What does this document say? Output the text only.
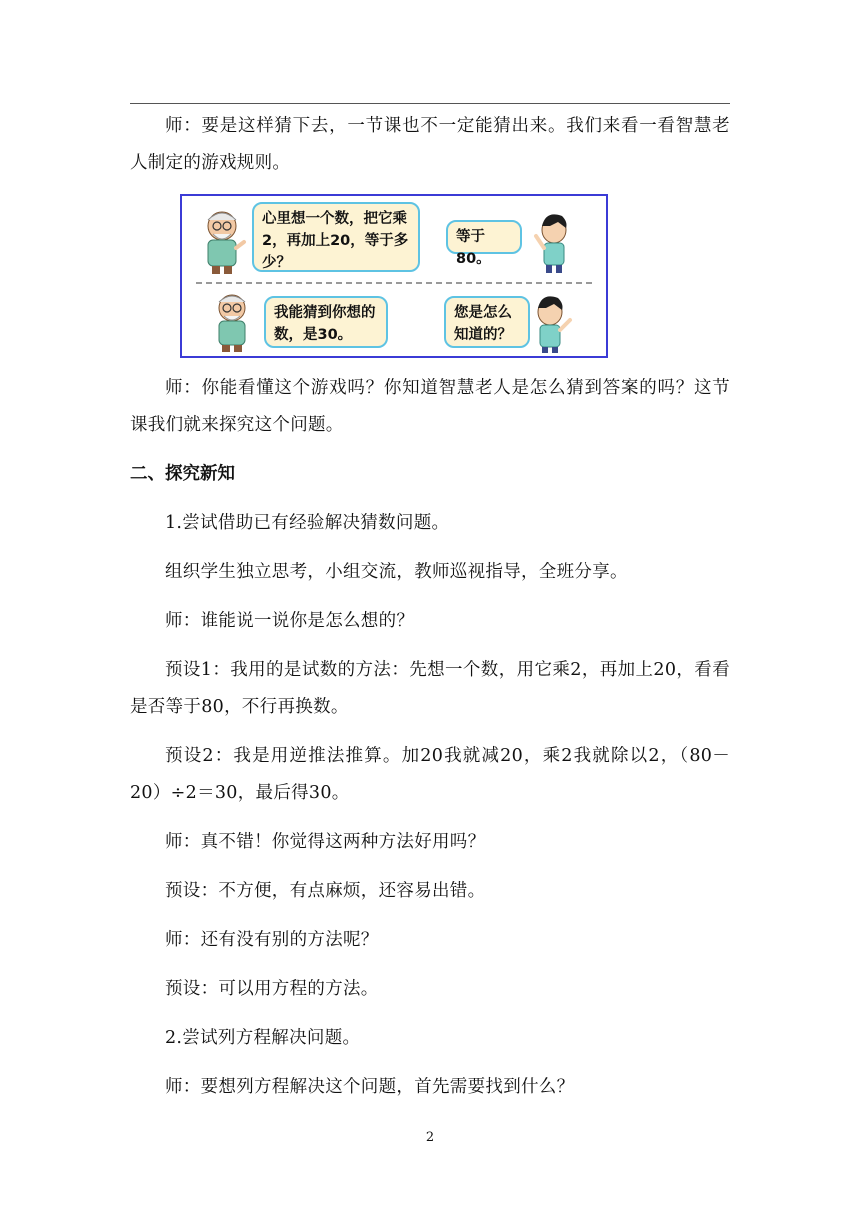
师：要是这样猜下去，一节课也不一定能猜出来。我们来看一看智慧老人制定的游戏规则。

心里想一个数，把它乘2，再加上20，等于多少？
等于80。
我能猜到你想的数，是30。
您是怎么知道的？

师：你能看懂这个游戏吗？你知道智慧老人是怎么猜到答案的吗？这节课我们就来探究这个问题。

二、探究新知

1.尝试借助已有经验解决猜数问题。

组织学生独立思考，小组交流，教师巡视指导，全班分享。

师：谁能说一说你是怎么想的？

预设1：我用的是试数的方法：先想一个数，用它乘2，再加上20，看看是否等于80，不行再换数。

预设2：我是用逆推法推算。加20我就减20，乘2我就除以2，（80－20）÷2＝30，最后得30。

师：真不错！你觉得这两种方法好用吗？

预设：不方便，有点麻烦，还容易出错。

师：还有没有别的方法呢？

预设：可以用方程的方法。

2.尝试列方程解决问题。

师：要想列方程解决这个问题，首先需要找到什么？

2
